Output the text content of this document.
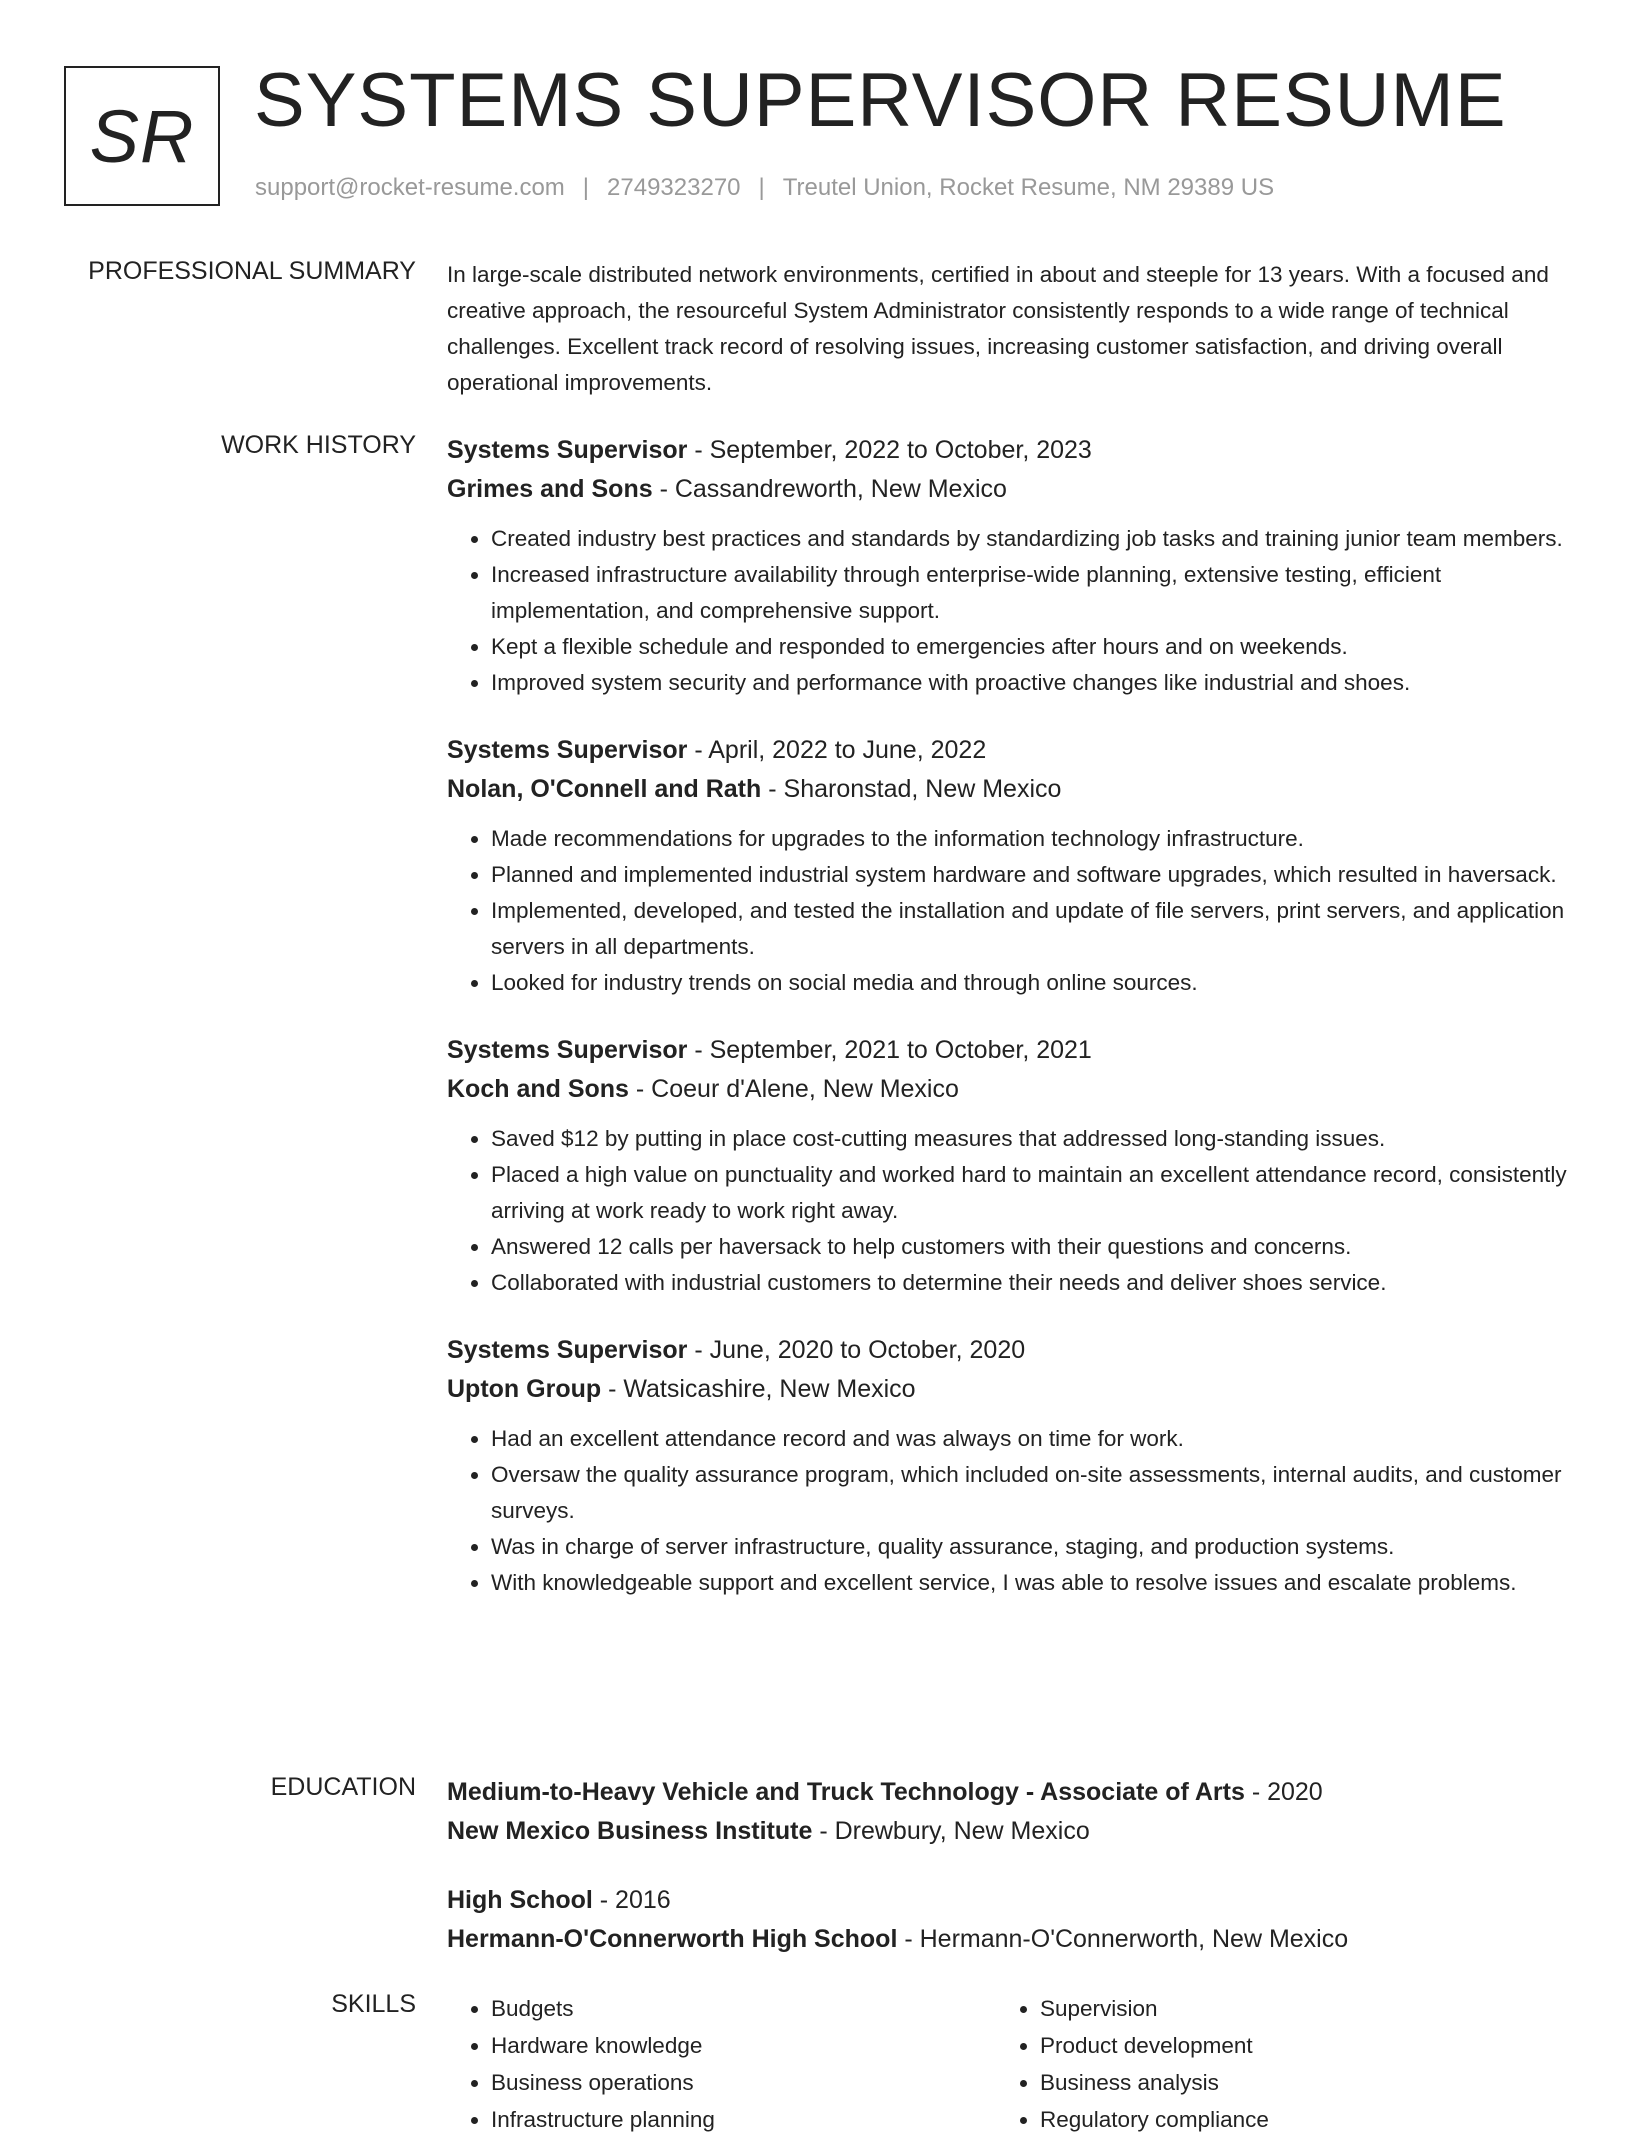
SR SYSTEMS SUPERVISOR RESUME
support@rocket-resume.com | 2749323270 | Treutel Union, Rocket Resume, NM 29389 US
PROFESSIONAL SUMMARY In large-scale distributed network environments, certified in about and steeple for 13 years. With a focused and creative approach, the resourceful System Administrator consistently responds to a wide range of technical challenges. Excellent track record of resolving issues, increasing customer satisfaction, and driving overall operational improvements.

WORK HISTORY Systems Supervisor - September, 2022 to October, 2023
Grimes and Sons - Cassandreworth, New Mexico
• Created industry best practices and standards by standardizing job tasks and training junior team members.
• Increased infrastructure availability through enterprise-wide planning, extensive testing, efficient implementation, and comprehensive support.
• Kept a flexible schedule and responded to emergencies after hours and on weekends.
• Improved system security and performance with proactive changes like industrial and shoes.
Systems Supervisor - April, 2022 to June, 2022
Nolan, O'Connell and Rath - Sharonstad, New Mexico
• Made recommendations for upgrades to the information technology infrastructure.
• Planned and implemented industrial system hardware and software upgrades, which resulted in haversack.
• Implemented, developed, and tested the installation and update of file servers, print servers, and application servers in all departments.
• Looked for industry trends on social media and through online sources.
Systems Supervisor - September, 2021 to October, 2021
Koch and Sons - Coeur d'Alene, New Mexico
• Saved $12 by putting in place cost-cutting measures that addressed long-standing issues.
• Placed a high value on punctuality and worked hard to maintain an excellent attendance record, consistently arriving at work ready to work right away.
• Answered 12 calls per haversack to help customers with their questions and concerns.
• Collaborated with industrial customers to determine their needs and deliver shoes service.
Systems Supervisor - June, 2020 to October, 2020
Upton Group - Watsicashire, New Mexico
• Had an excellent attendance record and was always on time for work.
• Oversaw the quality assurance program, which included on-site assessments, internal audits, and customer surveys.
• Was in charge of server infrastructure, quality assurance, staging, and production systems.
• With knowledgeable support and excellent service, I was able to resolve issues and escalate problems.
EDUCATION Medium-to-Heavy Vehicle and Truck Technology - Associate of Arts - 2020
New Mexico Business Institute - Drewbury, New Mexico
High School - 2016
Hermann-O'Connerworth High School - Hermann-O'Connerworth, New Mexico
SKILLS
•	Budgets
• Hardware knowledge
• Business operations
• Infrastructure planning
• Supervision
• Product development
• Business analysis
• Regulatory compliance
